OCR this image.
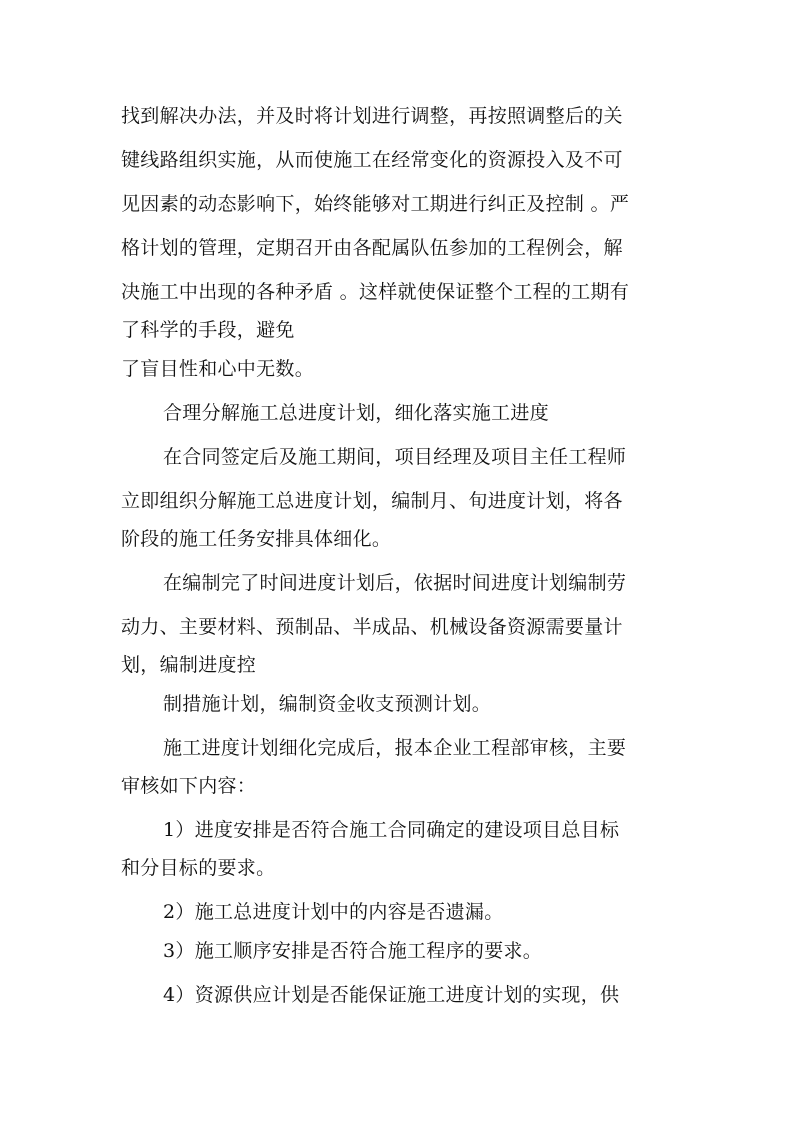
找到解决办法，并及时将计划进行调整，再按照调整后的关
键线路组织实施，从而使施工在经常变化的资源投入及不可
见因素的动态影响下，始终能够对工期进行纠正及控制 。严
格计划的管理，定期召开由各配属队伍参加的工程例会，解
决施工中出现的各种矛盾 。这样就使保证整个工程的工期有
了科学的手段，避免
了盲目性和心中无数。
合理分解施工总进度计划，细化落实施工进度
在合同签定后及施工期间，项目经理及项目主任工程师
立即组织分解施工总进度计划，编制月、旬进度计划，将各
阶段的施工任务安排具体细化。
在编制完了时间进度计划后，依据时间进度计划编制劳
动力、主要材料、预制品、半成品、机械设备资源需要量计
划，编制进度控
制措施计划，编制资金收支预测计划。
施工进度计划细化完成后，报本企业工程部审核，主要
审核如下内容：
1）进度安排是否符合施工合同确定的建设项目总目标
和分目标的要求。
2）施工总进度计划中的内容是否遗漏。
3）施工顺序安排是否符合施工程序的要求。
4）资源供应计划是否能保证施工进度计划的实现，供
